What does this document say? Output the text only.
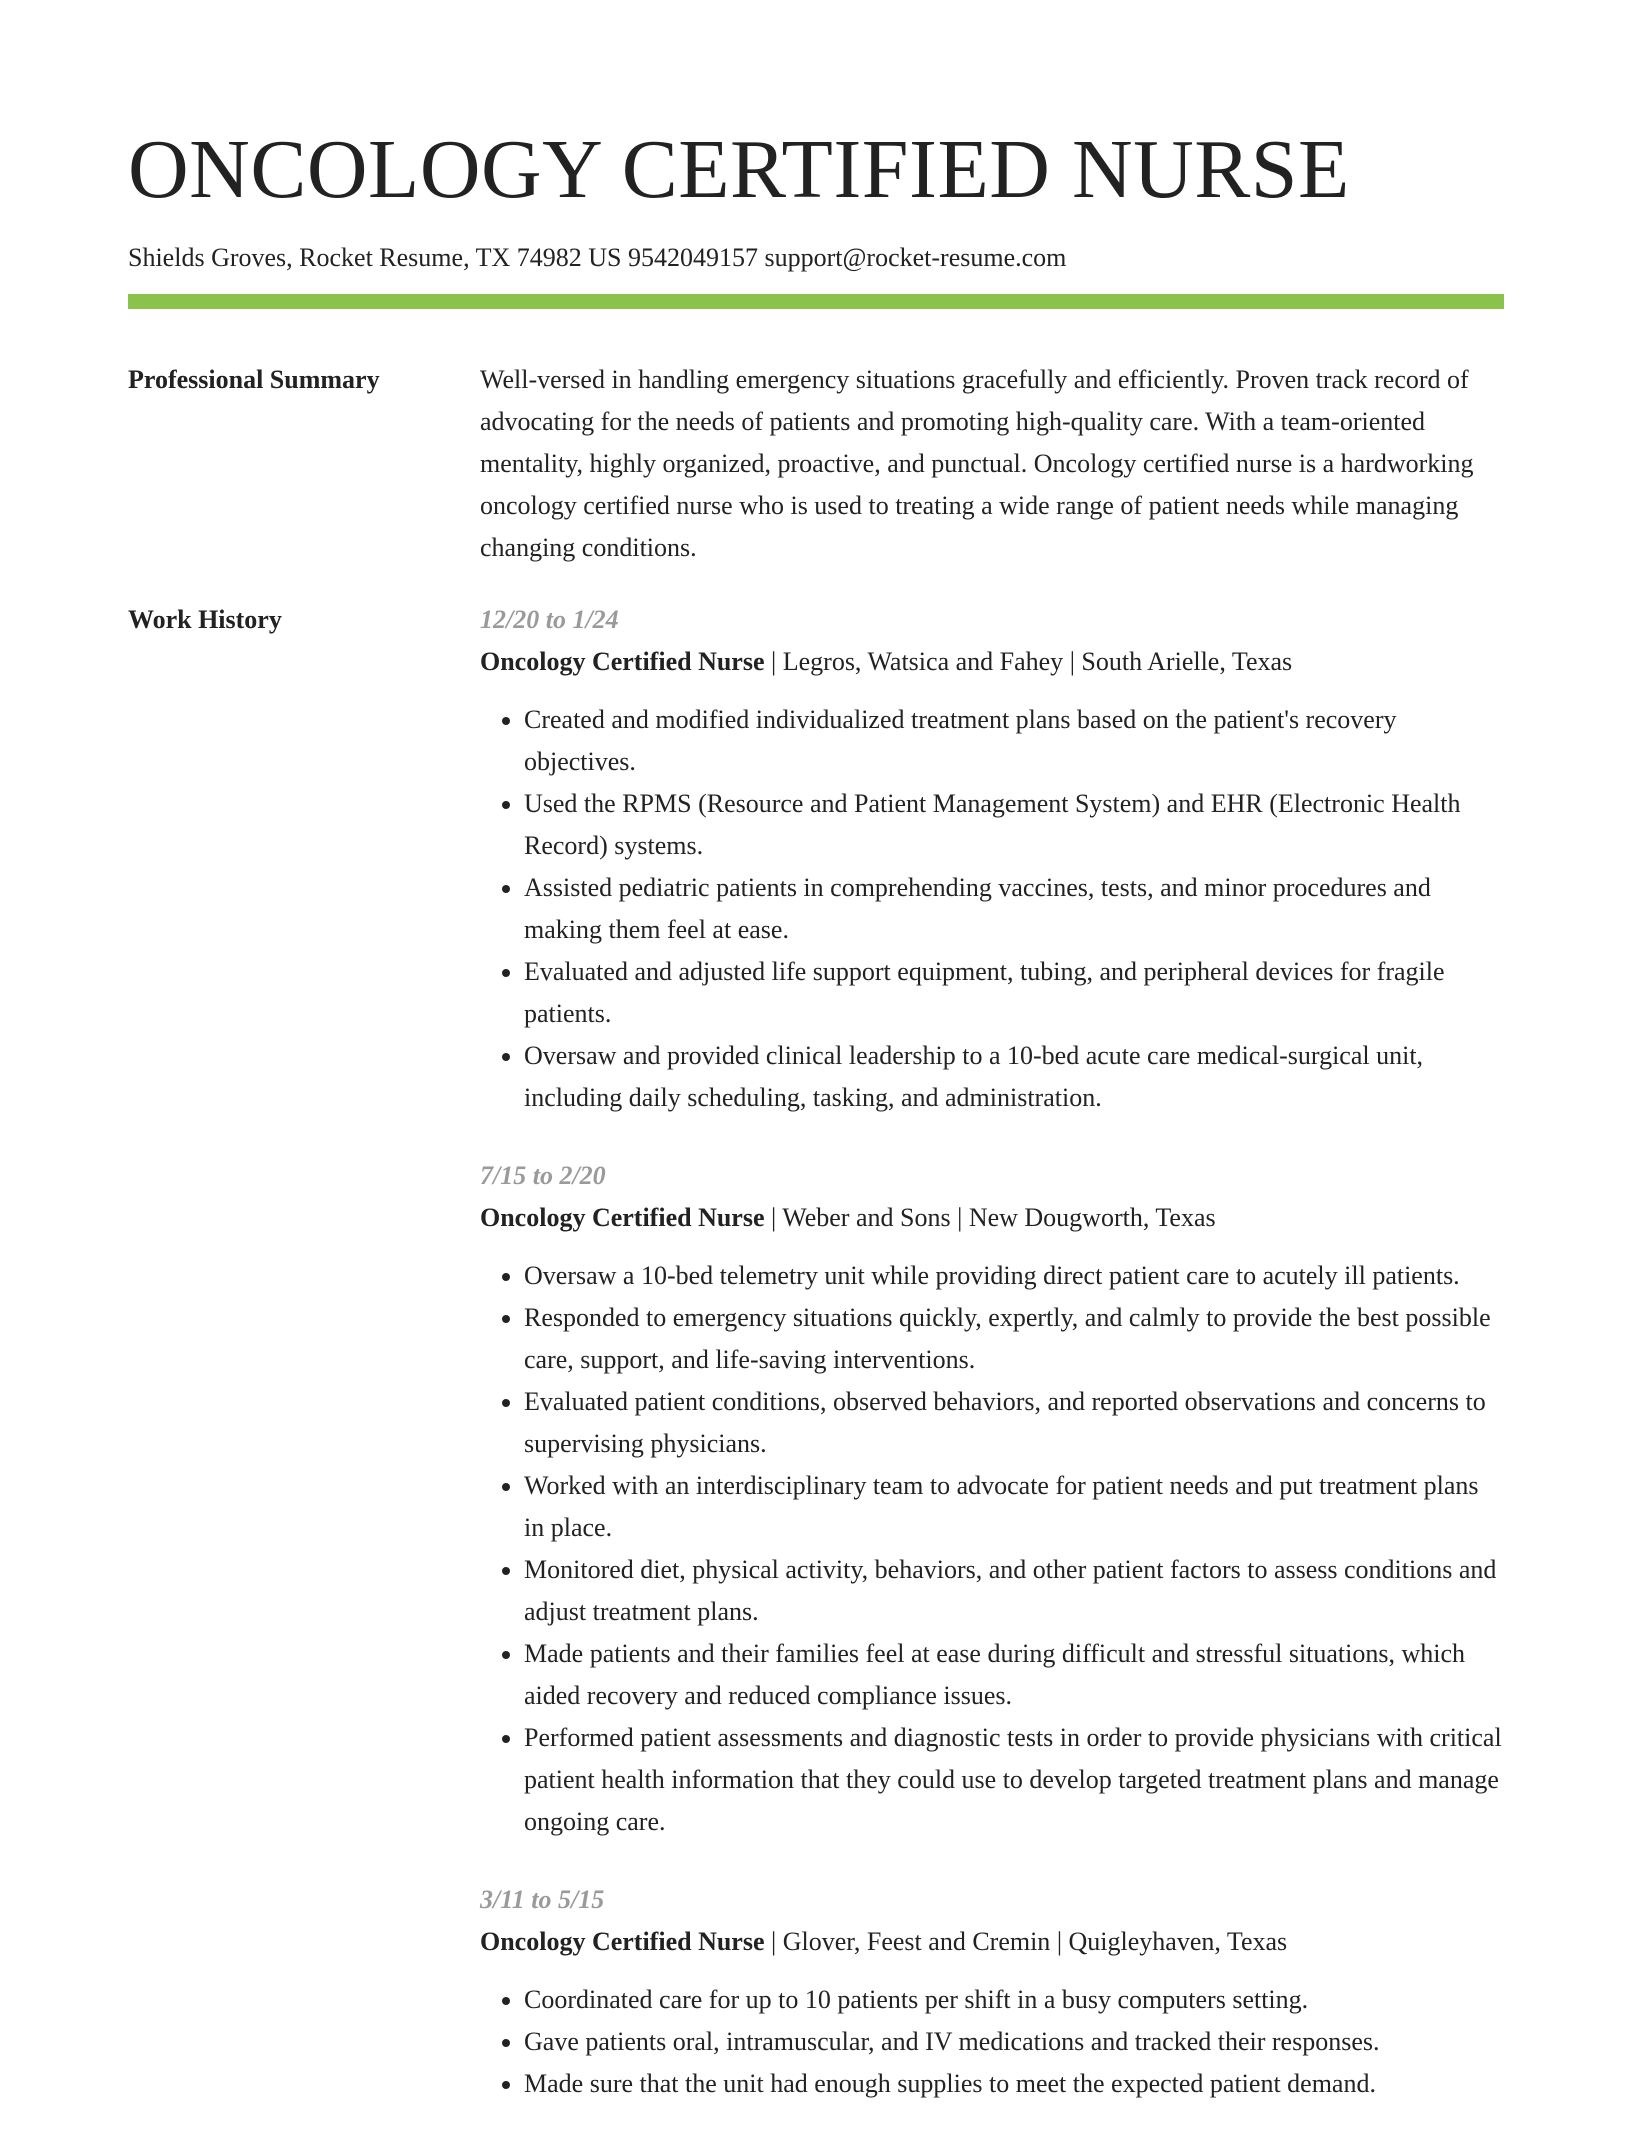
ONCOLOGY CERTIFIED NURSE
Shields Groves, Rocket Resume, TX 74982 US 9542049157 support@rocket-resume.com
Professional Summary	Well-versed in handling emergency situations gracefully and efficiently. Proven track record of advocating for the needs of patients and promoting high-quality care. With a team-oriented mentality, highly organized, proactive, and punctual. Oncology certified nurse is a hardworking oncology certified nurse who is used to treating a wide range of patient needs while managing changing conditions.
Work History	12/20 to 1/24
Oncology Certified Nurse | Legros, Watsica and Fahey | South Arielle, Texas
• Created and modified individualized treatment plans based on the patient's recovery objectives.
• Used the RPMS (Resource and Patient Management System) and EHR (Electronic Health Record) systems.
• Assisted pediatric patients in comprehending vaccines, tests, and minor procedures and making them feel at ease.
• Evaluated and adjusted life support equipment, tubing, and peripheral devices for fragile patients.
• Oversaw and provided clinical leadership to a 10-bed acute care medical-surgical unit, including daily scheduling, tasking, and administration.
7/15 to 2/20
Oncology Certified Nurse | Weber and Sons | New Dougworth, Texas
• Oversaw a 10-bed telemetry unit while providing direct patient care to acutely ill patients.
• Responded to emergency situations quickly, expertly, and calmly to provide the best possible care, support, and life-saving interventions.
• Evaluated patient conditions, observed behaviors, and reported observations and concerns to supervising physicians.
• Worked with an interdisciplinary team to advocate for patient needs and put treatment plans in place.
• Monitored diet, physical activity, behaviors, and other patient factors to assess conditions and adjust treatment plans.
• Made patients and their families feel at ease during difficult and stressful situations, which aided recovery and reduced compliance issues.
• Performed patient assessments and diagnostic tests in order to provide physicians with critical patient health information that they could use to develop targeted treatment plans and manage ongoing care.
3/11 to 5/15
Oncology Certified Nurse | Glover, Feest and Cremin | Quigleyhaven, Texas
• Coordinated care for up to 10 patients per shift in a busy computers setting.
• Gave patients oral, intramuscular, and IV medications and tracked their responses.
• Made sure that the unit had enough supplies to meet the expected patient demand.
